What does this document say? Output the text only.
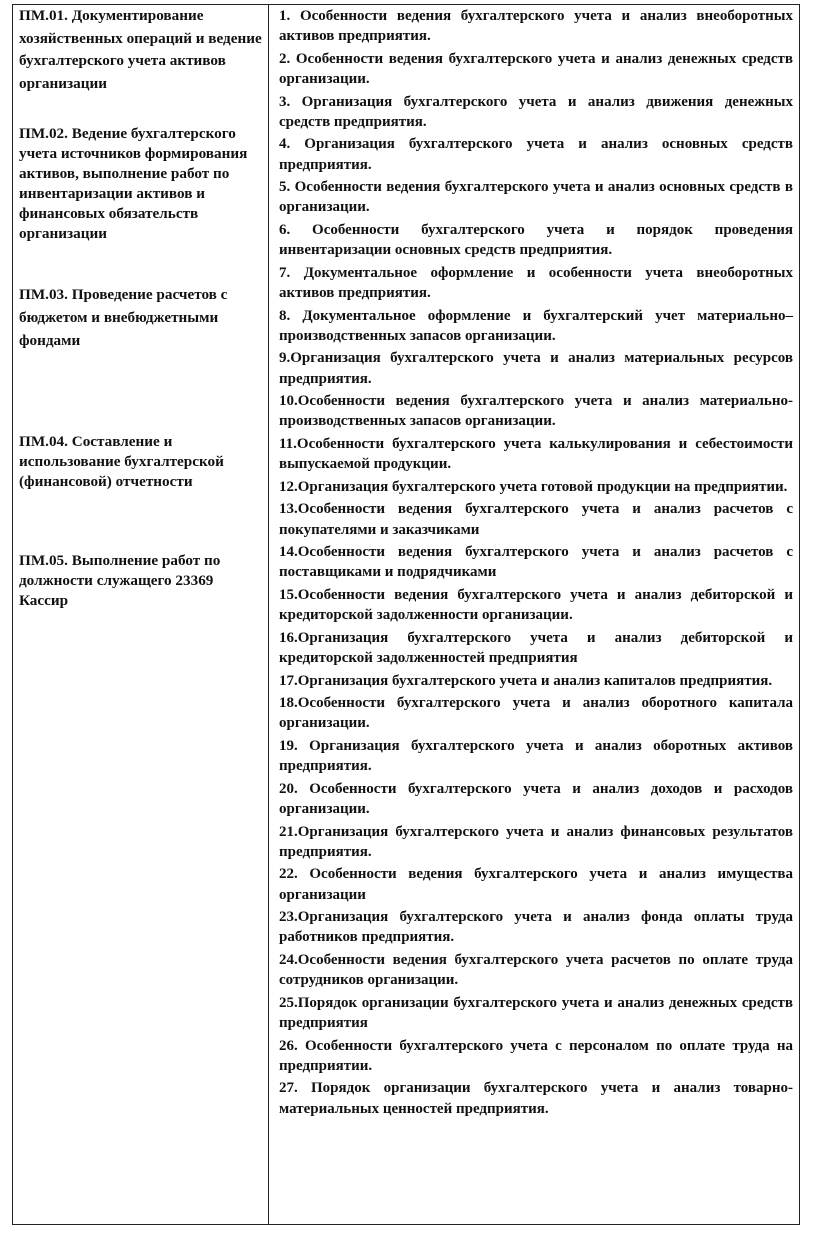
ПМ.01. Документирование хозяйственных операций и ведение бухгалтерского учета активов организации

ПМ.02. Ведение бухгалтерского учета источников формирования активов, выполнение работ по инвентаризации активов и финансовых обязательств организации

ПМ.03. Проведение расчетов с бюджетом и внебюджетными фондами

ПМ.04. Составление и использование бухгалтерской (финансовой) отчетности

ПМ.05. Выполнение работ по должности служащего 23369 Кассир

1. Особенности ведения бухгалтерского учета и анализ внеоборотных активов предприятия.

2. Особенности ведения бухгалтерского учета и анализ денежных средств организации.

3. Организация бухгалтерского учета и анализ движения денежных средств предприятия.

4. Организация бухгалтерского учета и анализ основных средств предприятия.

5. Особенности ведения бухгалтерского учета и анализ основных средств в организации.

6. Особенности бухгалтерского учета и порядок проведения инвентаризации основных средств предприятия.

7. Документальное оформление и особенности учета внеоборотных активов предприятия.

8. Документальное оформление и бухгалтерский учет материально–производственных запасов организации.

9.Организация бухгалтерского учета и анализ материальных ресурсов предприятия.

10.Особенности ведения бухгалтерского учета и анализ материально-производственных запасов организации.

11.Особенности бухгалтерского учета калькулирования и себестоимости выпускаемой продукции.

12.Организация бухгалтерского учета готовой продукции на предприятии.

13.Особенности ведения бухгалтерского учета и анализ расчетов с покупателями и заказчиками

14.Особенности ведения бухгалтерского учета и анализ расчетов с поставщиками и подрядчиками

15.Особенности ведения бухгалтерского учета и анализ дебиторской и кредиторской задолженности организации.

16.Организация бухгалтерского учета и анализ дебиторской и кредиторской задолженностей предприятия

17.Организация бухгалтерского учета и анализ капиталов предприятия.

18.Особенности бухгалтерского учета и анализ оборотного капитала организации.

19. Организация бухгалтерского учета и анализ оборотных активов предприятия.

20. Особенности бухгалтерского учета и анализ доходов и расходов организации.

21.Организация бухгалтерского учета и анализ финансовых результатов предприятия.

22. Особенности ведения бухгалтерского учета и анализ имущества организации

23.Организация бухгалтерского учета и анализ фонда оплаты труда работников предприятия.

24.Особенности ведения бухгалтерского учета расчетов по оплате труда сотрудников организации.

25.Порядок организации бухгалтерского учета и анализ денежных средств предприятия

26. Особенности бухгалтерского учета с персоналом по оплате труда на предприятии.

27. Порядок организации бухгалтерского учета и анализ товарно-материальных ценностей предприятия.
